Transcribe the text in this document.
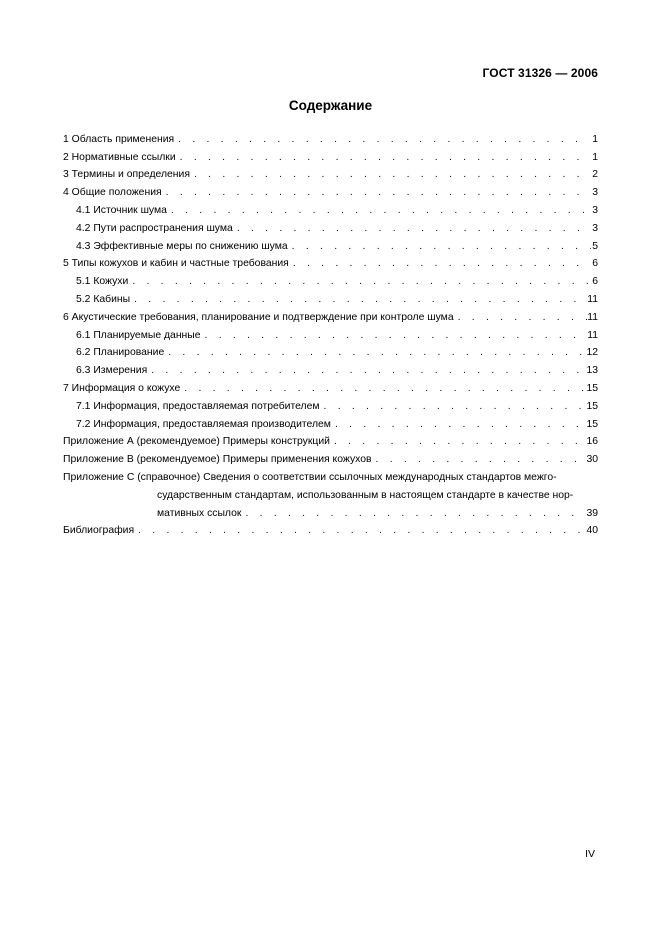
ГОСТ 31326 — 2006
Содержание
1 Область применения . . .	1
2 Нормативные ссылки . . .	1
3 Термины и определения . . .	2
4 Общие положения . . .	3
4.1 Источник шума . . .	3
4.2 Пути распространения шума . . .	3
4.3 Эффективные меры по снижению шума . . .	5
5 Типы кожухов и кабин и частные требования . . .	6
5.1 Кожухи . . .	6
5.2 Кабины . . .	11
6 Акустические требования, планирование и подтверждение при контроле шума . . .	11
6.1 Планируемые данные . . .	11
6.2 Планирование . . .	12
6.3 Измерения . . .	13
7 Информация о кожухе . . .	15
7.1 Информация, предоставляемая потребителем . . .	15
7.2 Информация, предоставляемая производителем . . .	15
Приложение А (рекомендуемое) Примеры конструкций . . .	16
Приложение В (рекомендуемое) Примеры применения кожухов . . .	30
Приложение С (справочное) Сведения о соответствии ссылочных международных стандартов межго-
сударственным стандартам, использованным в настоящем стандарте в качестве нор-
мативных ссылок . . .	39
Библиография . . .	40
IV
